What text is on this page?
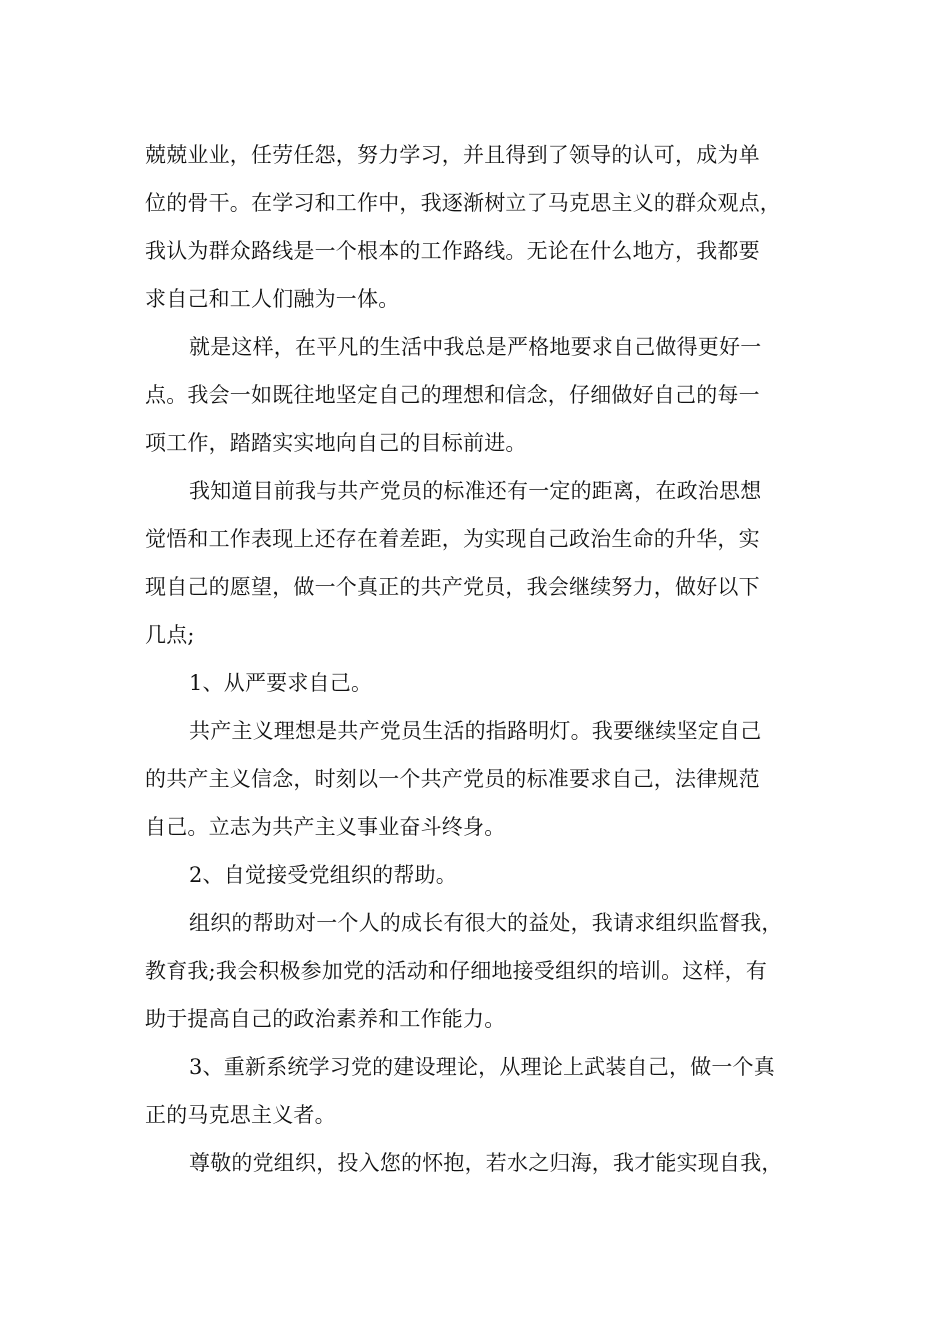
兢兢业业，任劳任怨，努力学习，并且得到了领导的认可，成为单
位的骨干。在学习和工作中，我逐渐树立了马克思主义的群众观点，
我认为群众路线是一个根本的工作路线。无论在什么地方，我都要
求自己和工人们融为一体。
就是这样，在平凡的生活中我总是严格地要求自己做得更好一
点。我会一如既往地坚定自己的理想和信念，仔细做好自己的每一
项工作，踏踏实实地向自己的目标前进。
我知道目前我与共产党员的标准还有一定的距离，在政治思想
觉悟和工作表现上还存在着差距，为实现自己政治生命的升华，实
现自己的愿望，做一个真正的共产党员，我会继续努力，做好以下
几点;
1、从严要求自己。
共产主义理想是共产党员生活的指路明灯。我要继续坚定自己
的共产主义信念，时刻以一个共产党员的标准要求自己，法律规范
自己。立志为共产主义事业奋斗终身。
2、自觉接受党组织的帮助。
组织的帮助对一个人的成长有很大的益处，我请求组织监督我，
教育我;我会积极参加党的活动和仔细地接受组织的培训。这样，有
助于提高自己的政治素养和工作能力。
3、重新系统学习党的建设理论，从理论上武装自己，做一个真
正的马克思主义者。
尊敬的党组织，投入您的怀抱，若水之归海，我才能实现自我，
